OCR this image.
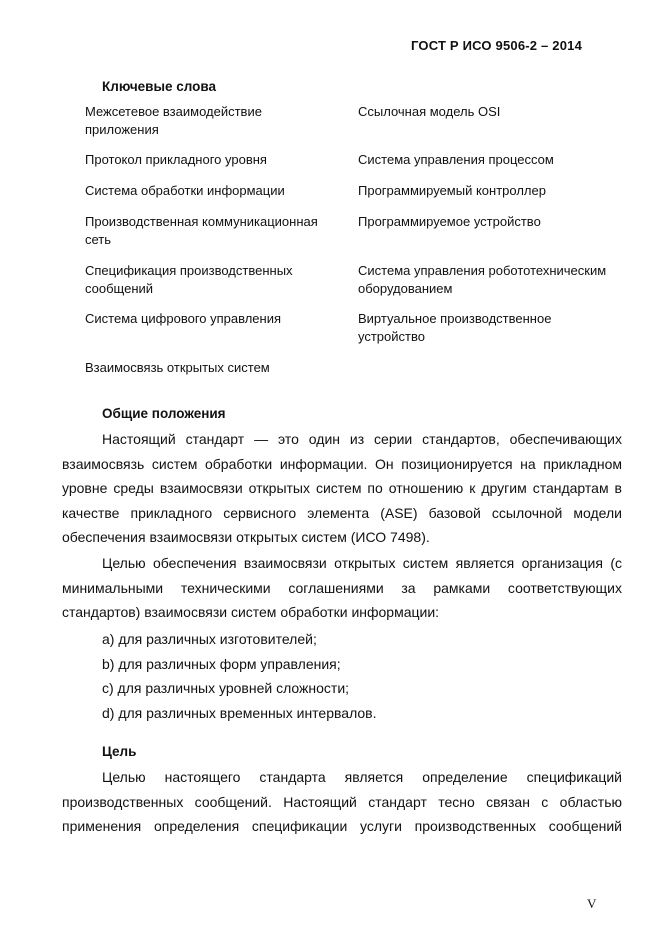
ГОСТ Р ИСО 9506-2 – 2014
Ключевые слова
Межсетевое взаимодействие приложения
Протокол прикладного уровня
Система обработки информации
Производственная коммуникационная сеть
Спецификация производственных сообщений
Система цифрового управления
Взаимосвязь открытых систем
Ссылочная модель OSI
Система управления процессом
Программируемый контроллер
Программируемое устройство
Система управления робототехническим оборудованием
Виртуальное производственное устройство
Общие положения

Настоящий стандарт — это один из серии стандартов, обеспечивающих взаимосвязь систем обработки информации. Он позиционируется на прикладном уровне среды взаимосвязи открытых систем по отношению к другим стандартам в качестве прикладного сервисного элемента (ASE) базовой ссылочной модели обеспечения взаимосвязи открытых систем (ИСО 7498).

Целью обеспечения взаимосвязи открытых систем является организация (с минимальными техническими соглашениями за рамками соответствующих стандартов) взаимосвязи систем обработки информации:

a) для различных изготовителей;
b) для различных форм управления;
c) для различных уровней сложности;
d) для различных временных интервалов.
Цель

Целью настоящего стандарта является определение спецификаций производственных сообщений. Настоящий стандарт тесно связан с областью применения определения спецификации услуги производственных сообщений

V
